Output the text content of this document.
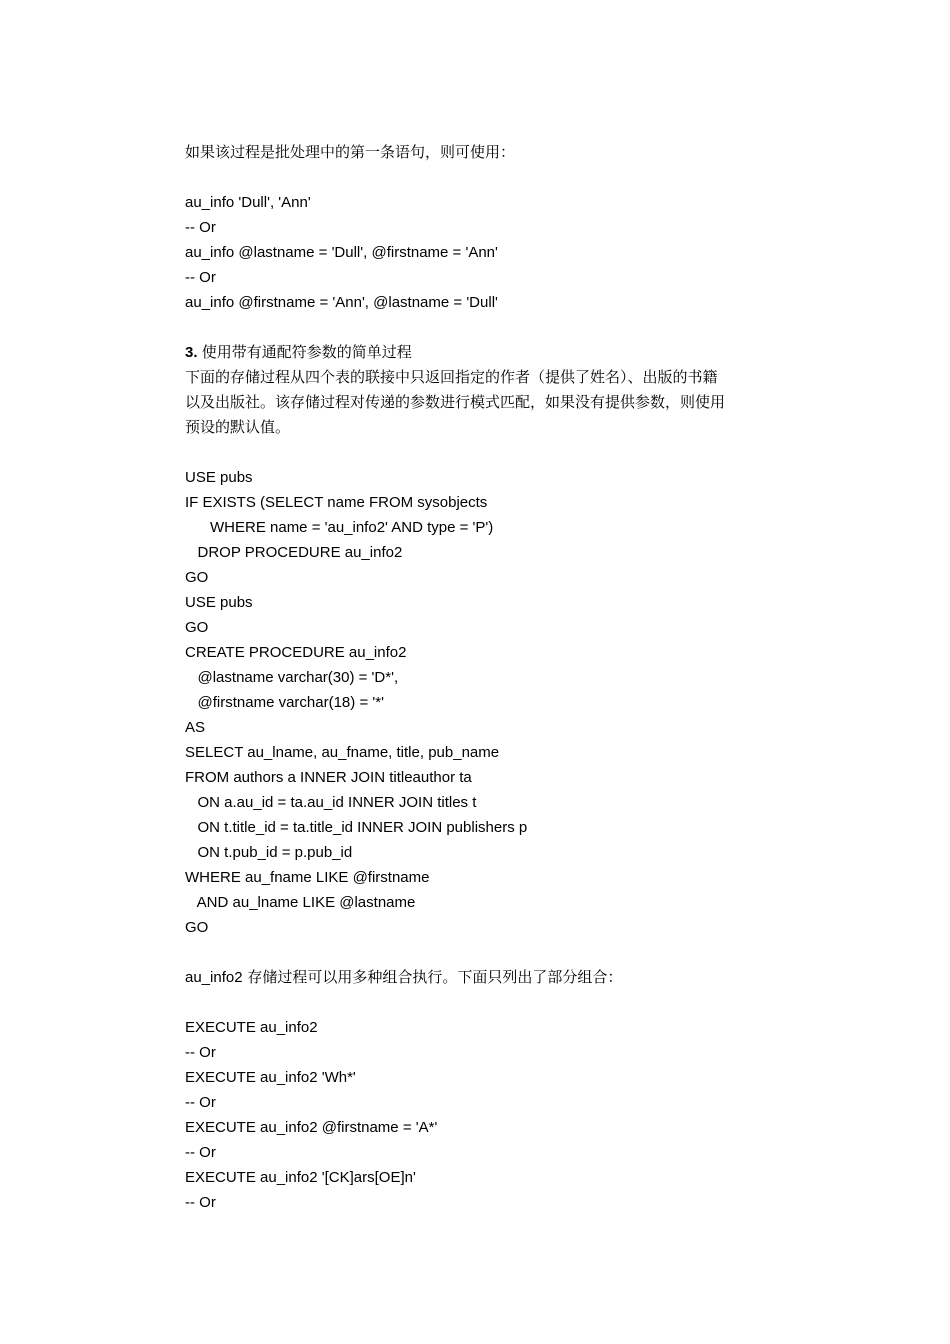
如果该过程是批处理中的第一条语句，则可使用：
au_info 'Dull', 'Ann'
-- Or
au_info @lastname = 'Dull', @firstname = 'Ann'
-- Or
au_info @firstname = 'Ann', @lastname = 'Dull'
3. 使用带有通配符参数的简单过程
下面的存储过程从四个表的联接中只返回指定的作者（提供了姓名）、出版的书籍
以及出版社。该存储过程对传递的参数进行模式匹配，如果没有提供参数，则使用
预设的默认值。
USE pubs
IF EXISTS (SELECT name FROM sysobjects
WHERE name = 'au_info2' AND type = 'P')
DROP PROCEDURE au_info2
GO
USE pubs
GO
CREATE PROCEDURE au_info2
@lastname varchar(30) = 'D*',
@firstname varchar(18) = '*'
AS
SELECT au_lname, au_fname, title, pub_name
FROM authors a INNER JOIN titleauthor ta
ON a.au_id = ta.au_id INNER JOIN titles t
ON t.title_id = ta.title_id INNER JOIN publishers p
ON t.pub_id = p.pub_id
WHERE au_fname LIKE @firstname
AND au_lname LIKE @lastname
GO
au_info2 存储过程可以用多种组合执行。下面只列出了部分组合：
EXECUTE au_info2
-- Or
EXECUTE au_info2 'Wh*'
-- Or
EXECUTE au_info2 @firstname = 'A*'
-- Or
EXECUTE au_info2 '[CK]ars[OE]n'
-- Or
